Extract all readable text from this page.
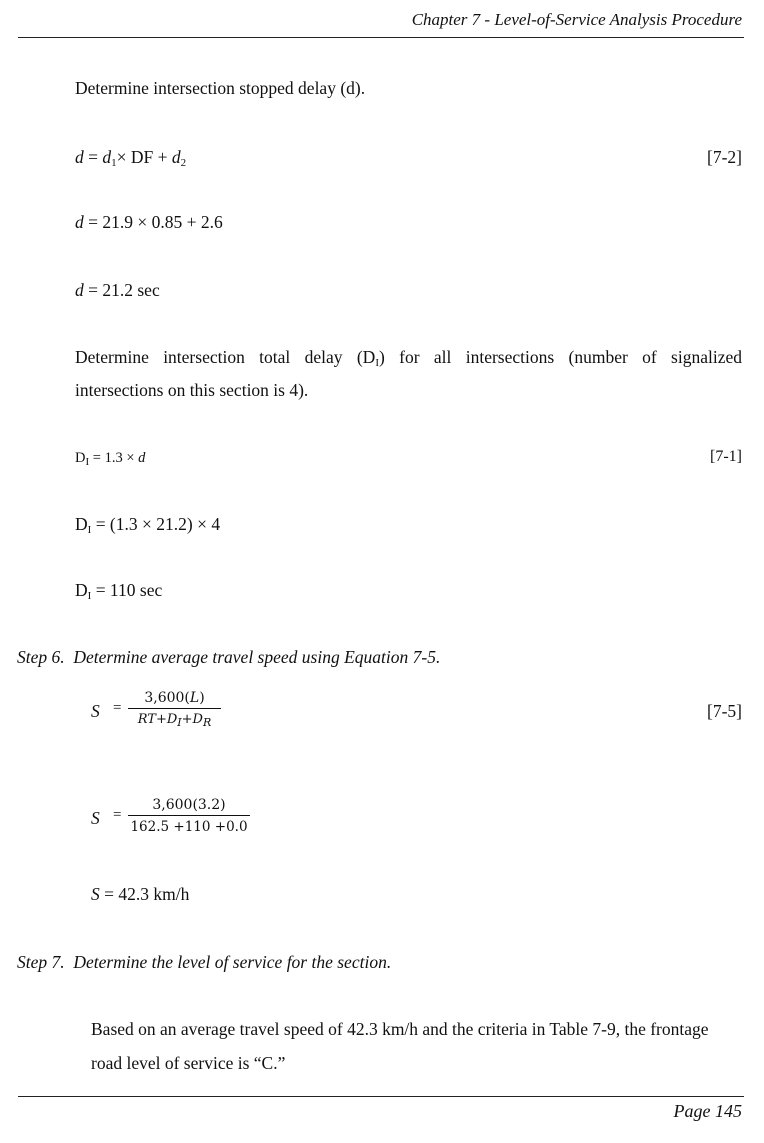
Chapter 7 - Level-of-Service Analysis Procedure
Determine intersection stopped delay (d).
$d = d_1\times$ DF + $d_2$	[7-2]
d = 21.9 × 0.85 + 2.6
d = 21.2 sec
Determine intersection total delay $(D_I)$ for all intersections (number of signalized
intersections on this section is 4).
$D_I = 1.3 \times d$	[7-1]
$D_I = (1.3 \times 21.2) \times 4$
$D_I = 110$ sec
Step 6. Determine average travel speed using Equation 7-5.
$S = \frac{3,600(L)}{RT+D_I+D_R}$	[7-5]
$S = \frac{3,600(3.2)}{162.5 +110 +0.0}$
S = 42.3 km/h
Step 7. Determine the level of service for the section.
Based on an average travel speed of 42.3 km/h and the criteria in Table 7-9, the frontage
road level of service is “C.”
Page 145
